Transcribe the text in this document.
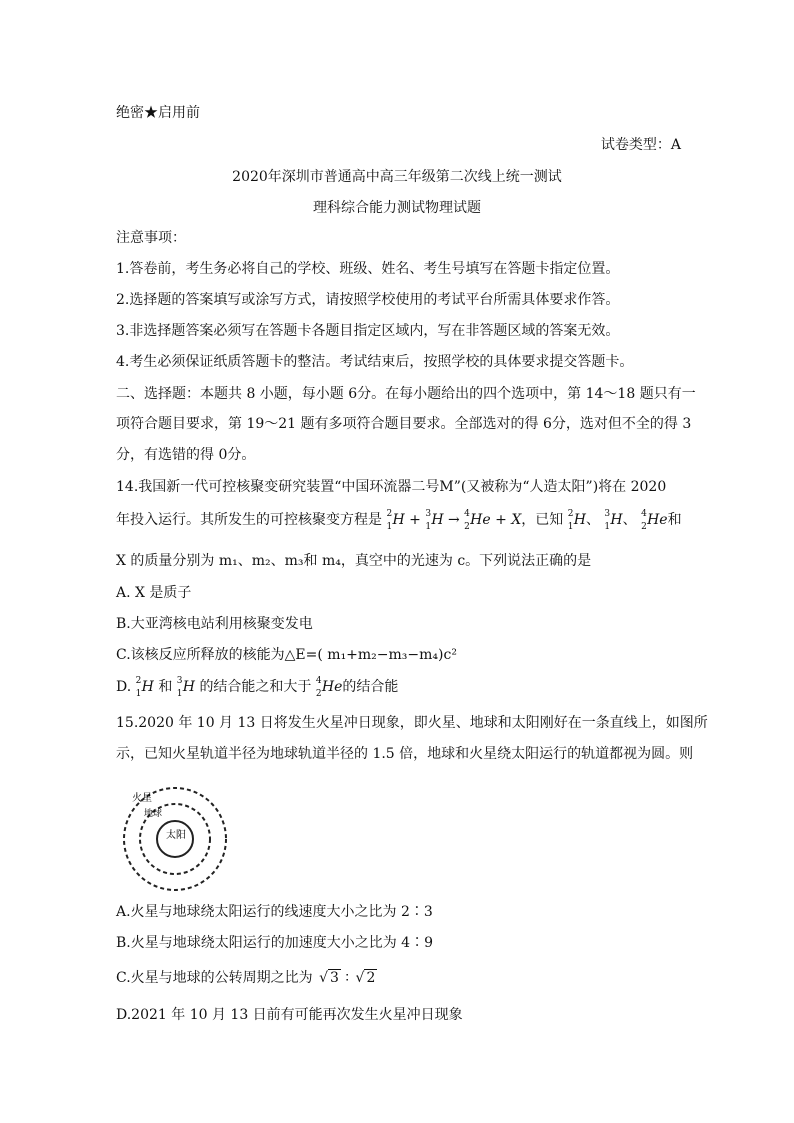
绝密★启用前
试卷类型：A
2020年深圳市普通高中高三年级第二次线上统一测试
理科综合能力测试物理试题
注意事项：
1.答卷前，考生务必将自己的学校、班级、姓名、考生号填写在答题卡指定位置。
2.选择题的答案填写或涂写方式，请按照学校使用的考试平台所需具体要求作答。
3.非选择题答案必须写在答题卡各题目指定区域内，写在非答题区域的答案无效。
4.考生必须保证纸质答题卡的整洁。考试结束后，按照学校的具体要求提交答题卡。
二、选择题：本题共 8 小题，每小题 6分。在每小题给出的四个选项中，第 14～18 题只有一
项符合题目要求，第 19～21 题有多项符合题目要求。全部选对的得 6分，选对但不全的得 3
分，有选错的得 0分。
14.我国新一代可控核聚变研究装置“中国环流器二号M”(又被称为“人造太阳”)将在 2020
年投入运行。其所发生的可控核聚变方程是 2
1 H + 3
1 H → 4
2 He + X，已知 2
1 H、 3
1 H、 4
2 He和
X 的质量分别为 m₁、m₂、m₃和 m₄，真空中的光速为 c。下列说法正确的是
A. X 是质子
B.大亚湾核电站利用核聚变发电
C.该核反应所释放的核能为△E=( m₁+m₂−m₃−m₄)c²
D. 2
1 H 和 3
1 H 的结合能之和大于 4
2 He的结合能
15.2020 年 10 月 13 日将发生火星冲日现象，即火星、地球和太阳刚好在一条直线上，如图所
示，已知火星轨道半径为地球轨道半径的 1.5 倍，地球和火星绕太阳运行的轨道都视为圆。则
火星
地球
太阳
A.火星与地球绕太阳运行的线速度大小之比为 2∶3
B.火星与地球绕太阳运行的加速度大小之比为 4∶9
C.火星与地球的公转周期之比为 √ 3 ∶ √ 2
D.2021 年 10 月 13 日前有可能再次发生火星冲日现象
